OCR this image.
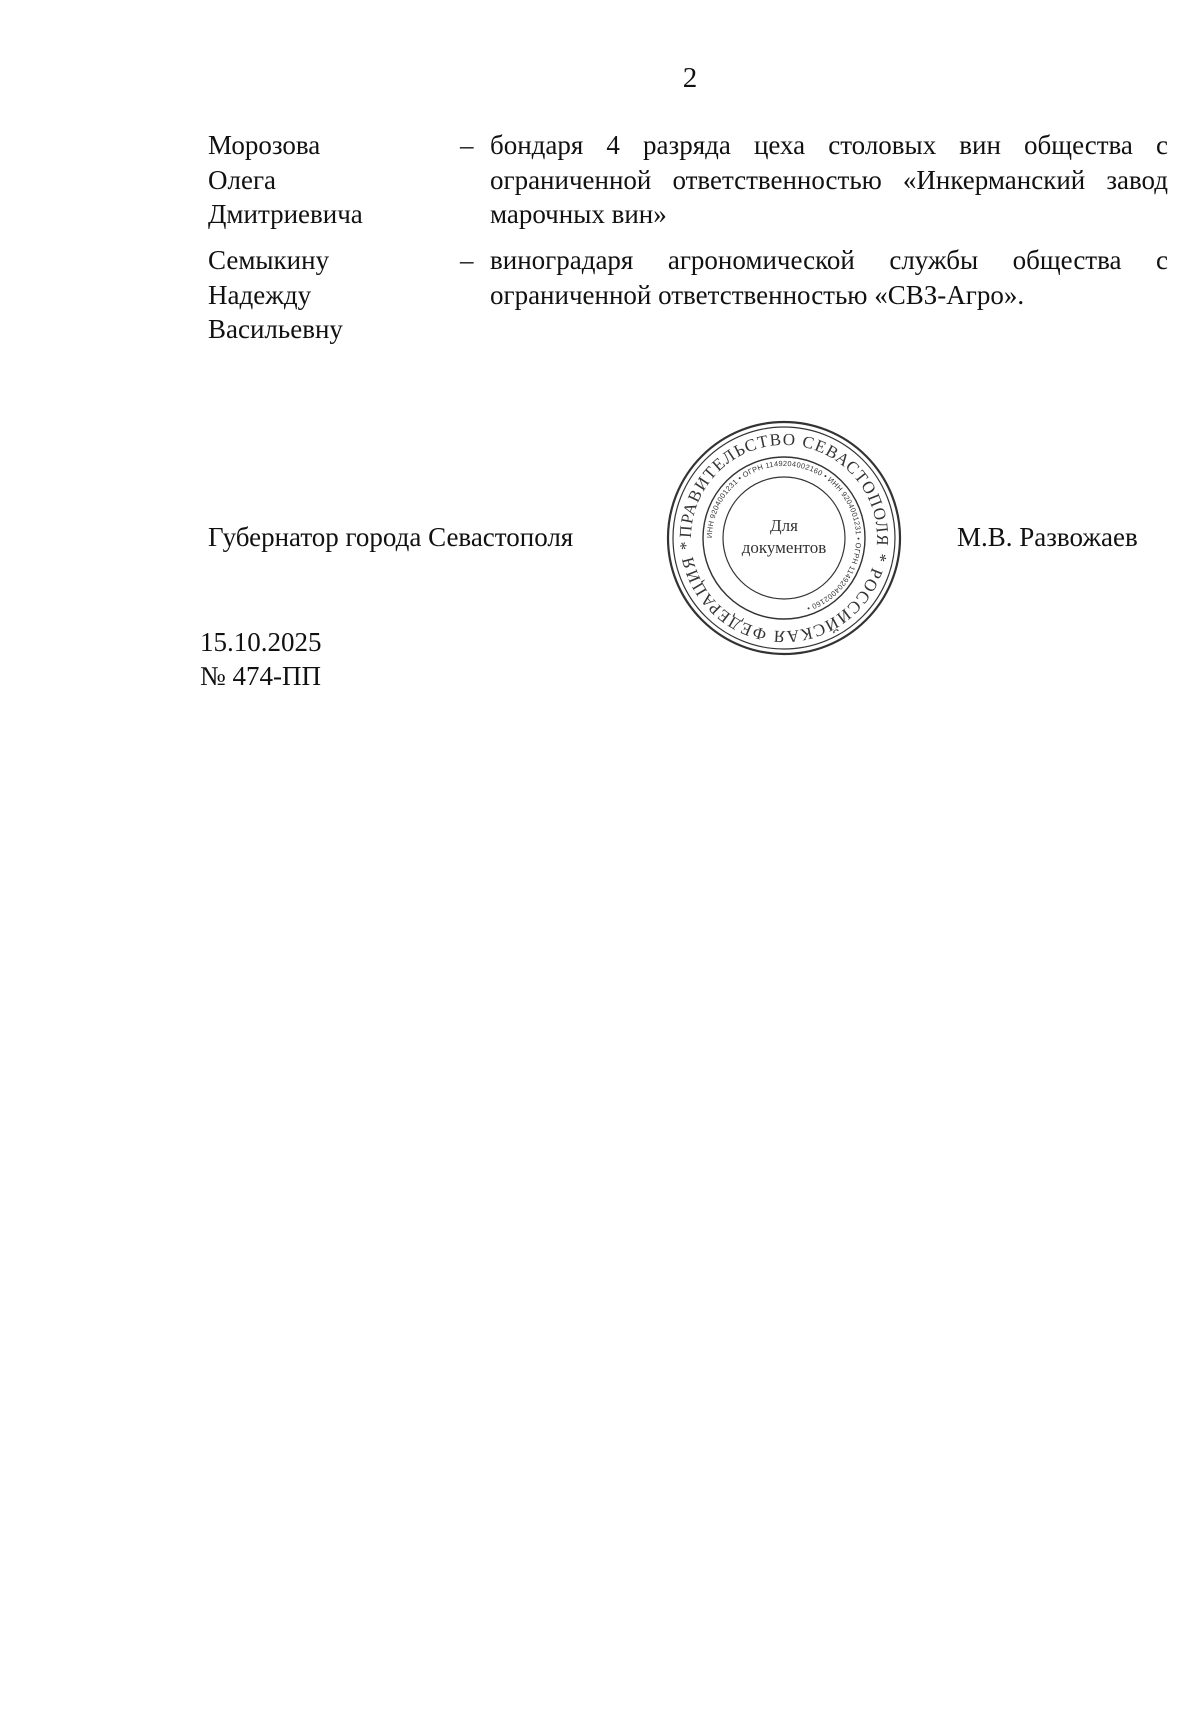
2
Морозова
Олега
Дмитриевича
– бондаря 4 разряда цеха столовых вин общества с ограниченной ответственностью «Инкерманский завод марочных вин»
Семыкину
Надежду
Васильевну
– виноградаря агрономической службы общества с ограниченной ответственностью «СВЗ-Агро».
Губернатор города Севастополя	ПРАВИТЕЛЬСТВО СЕВАСТОПОЛЯ * РОССИЙСКАЯ ФЕДЕРАЦИЯ *
ИНН 9204001231 • ОГРН 1149204002160 • ИНН 9204001231 • ОГРН 1149204002160 •
Для
документов	М.В. Развожаев
15.10.2025
№ 474-ПП
